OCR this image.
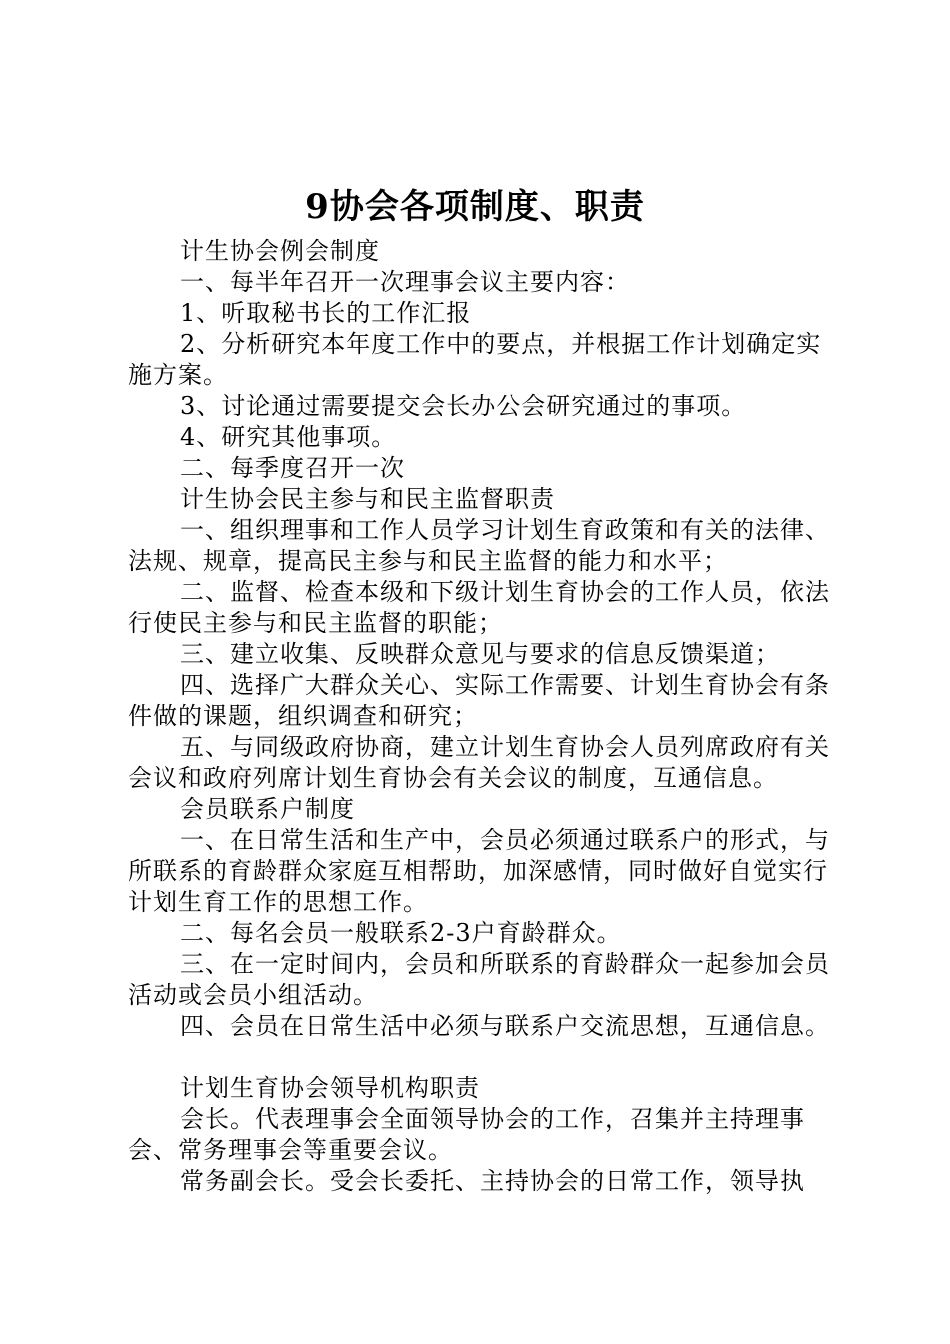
9协会各项制度、职责

计生协会例会制度

一、每半年召开一次理事会议主要内容：

1、听取秘书长的工作汇报

2、分析研究本年度工作中的要点，并根据工作计划确定实施方案。

3、讨论通过需要提交会长办公会研究通过的事项。

4、研究其他事项。

二、每季度召开一次

计生协会民主参与和民主监督职责

一、组织理事和工作人员学习计划生育政策和有关的法律、法规、规章，提高民主参与和民主监督的能力和水平；

二、监督、检查本级和下级计划生育协会的工作人员，依法行使民主参与和民主监督的职能；

三、建立收集、反映群众意见与要求的信息反馈渠道；

四、选择广大群众关心、实际工作需要、计划生育协会有条件做的课题，组织调查和研究；

五、与同级政府协商，建立计划生育协会人员列席政府有关会议和政府列席计划生育协会有关会议的制度，互通信息。

会员联系户制度

一、在日常生活和生产中，会员必须通过联系户的形式，与所联系的育龄群众家庭互相帮助，加深感情，同时做好自觉实行计划生育工作的思想工作。

二、每名会员一般联系2-3户育龄群众。

三、在一定时间内，会员和所联系的育龄群众一起参加会员活动或会员小组活动。

四、会员在日常生活中必须与联系户交流思想，互通信息。

计划生育协会领导机构职责

会长。代表理事会全面领导协会的工作，召集并主持理事会、常务理事会等重要会议。

常务副会长。受会长委托、主持协会的日常工作，领导执
